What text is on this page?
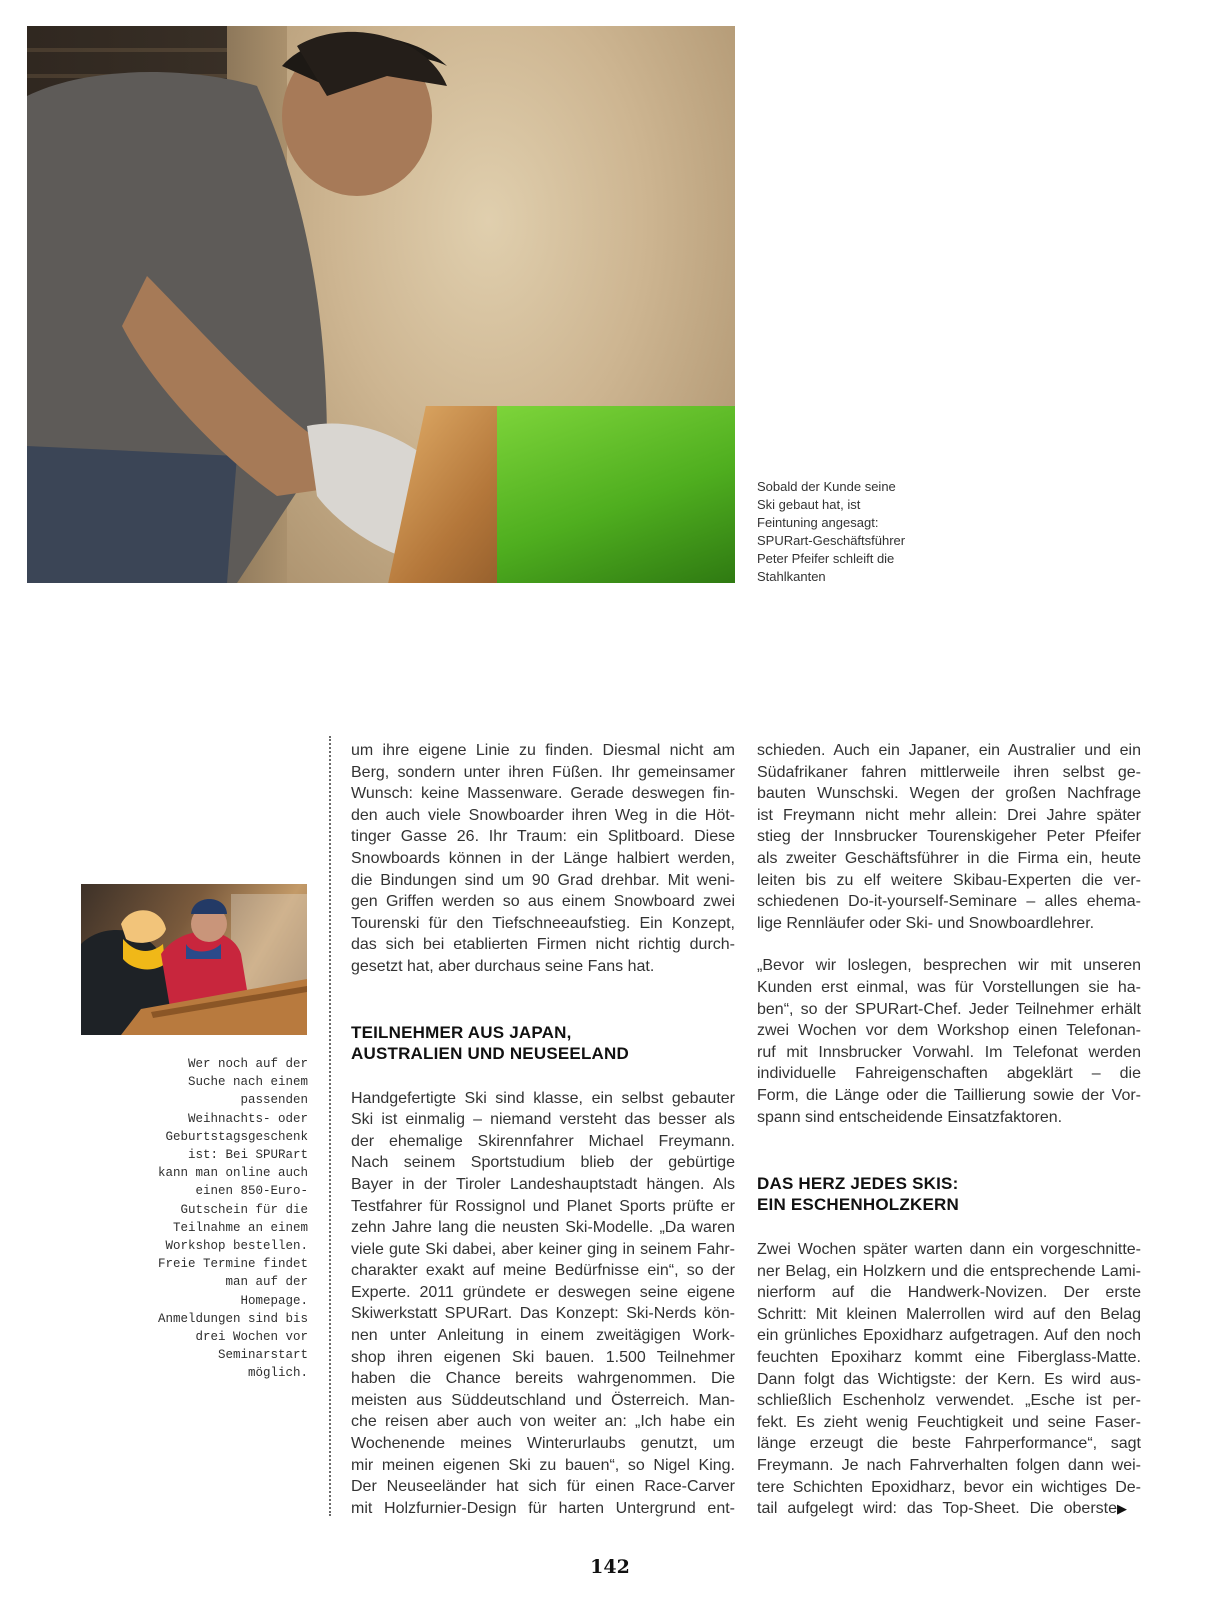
Sobald der Kunde seine
Ski gebaut hat, ist
Feintuning angesagt:
SPURart-Geschäftsführer
Peter Pfeifer schleift die
Stahlkanten
Wer noch auf der
Suche nach einem
passenden
Weihnachts- oder
Geburtstagsgeschenk
ist: Bei SPURart
kann man online auch
einen 850-Euro-
Gutschein für die
Teilnahme an einem
Workshop bestellen.
Freie Termine findet
man auf der
Homepage.
Anmeldungen sind bis
drei Wochen vor
Seminarstart
möglich.

um ihre eigene Linie zu finden. Diesmal nicht am
Berg, sondern unter ihren Füßen. Ihr gemeinsamer
Wunsch: keine Massenware. Gerade deswegen fin-
den auch viele Snowboarder ihren Weg in die Höt-
tinger Gasse 26. Ihr Traum: ein Splitboard. Diese
Snowboards können in der Länge halbiert werden,
die Bindungen sind um 90 Grad drehbar. Mit weni-
gen Griffen werden so aus einem Snowboard zwei
Tourenski für den Tiefschneeaufstieg. Ein Konzept,
das sich bei etablierten Firmen nicht richtig durch-
gesetzt hat, aber durchaus seine Fans hat.

TEILNEHMER AUS JAPAN,
AUSTRALIEN UND NEUSEELAND

Handgefertigte Ski sind klasse, ein selbst gebauter
Ski ist einmalig – niemand versteht das besser als
der ehemalige Skirennfahrer Michael Freymann.
Nach seinem Sportstudium blieb der gebürtige
Bayer in der Tiroler Landeshauptstadt hängen. Als
Testfahrer für Rossignol und Planet Sports prüfte er
zehn Jahre lang die neusten Ski-Modelle. „Da waren
viele gute Ski dabei, aber keiner ging in seinem Fahr-
charakter exakt auf meine Bedürfnisse ein“, so der
Experte. 2011 gründete er deswegen seine eigene
Skiwerkstatt SPURart. Das Konzept: Ski-Nerds kön-
nen unter Anleitung in einem zweitägigen Work-
shop ihren eigenen Ski bauen. 1.500 Teilnehmer
haben die Chance bereits wahrgenommen. Die
meisten aus Süddeutschland und Österreich. Man-
che reisen aber auch von weiter an: „Ich habe ein
Wochenende meines Winterurlaubs genutzt, um
mir meinen eigenen Ski zu bauen“, so Nigel King.
Der Neuseeländer hat sich für einen Race-Carver
mit Holzfurnier-Design für harten Untergrund ent-

schieden. Auch ein Japaner, ein Australier und ein
Südafrikaner fahren mittlerweile ihren selbst ge-
bauten Wunschski. Wegen der großen Nachfrage
ist Freymann nicht mehr allein: Drei Jahre später
stieg der Innsbrucker Tourenskigeher Peter Pfeifer
als zweiter Geschäftsführer in die Firma ein, heute
leiten bis zu elf weitere Skibau-Experten die ver-
schiedenen Do-it-yourself-Seminare – alles ehema-
lige Rennläufer oder Ski- und Snowboardlehrer.

„Bevor wir loslegen, besprechen wir mit unseren
Kunden erst einmal, was für Vorstellungen sie ha-
ben“, so der SPURart-Chef. Jeder Teilnehmer erhält
zwei Wochen vor dem Workshop einen Telefonan-
ruf mit Innsbrucker Vorwahl. Im Telefonat werden
individuelle Fahreigenschaften abgeklärt – die
Form, die Länge oder die Taillierung sowie der Vor-
spann sind entscheidende Einsatzfaktoren.

DAS HERZ JEDES SKIS:
EIN ESCHENHOLZKERN

Zwei Wochen später warten dann ein vorgeschnitte-
ner Belag, ein Holzkern und die entsprechende Lami-
nierform auf die Handwerk-Novizen. Der erste
Schritt: Mit kleinen Malerrollen wird auf den Belag
ein grünliches Epoxidharz aufgetragen. Auf den noch
feuchten Epoxiharz kommt eine Fiberglass-Matte.
Dann folgt das Wichtigste: der Kern. Es wird aus-
schließlich Eschenholz verwendet. „Esche ist per-
fekt. Es zieht wenig Feuchtigkeit und seine Faser-
länge erzeugt die beste Fahrperformance“, sagt
Freymann. Je nach Fahrverhalten folgen dann wei-
tere Schichten Epoxidharz, bevor ein wichtiges De-
tail aufgelegt wird: das Top-Sheet. Die oberste▶

142
